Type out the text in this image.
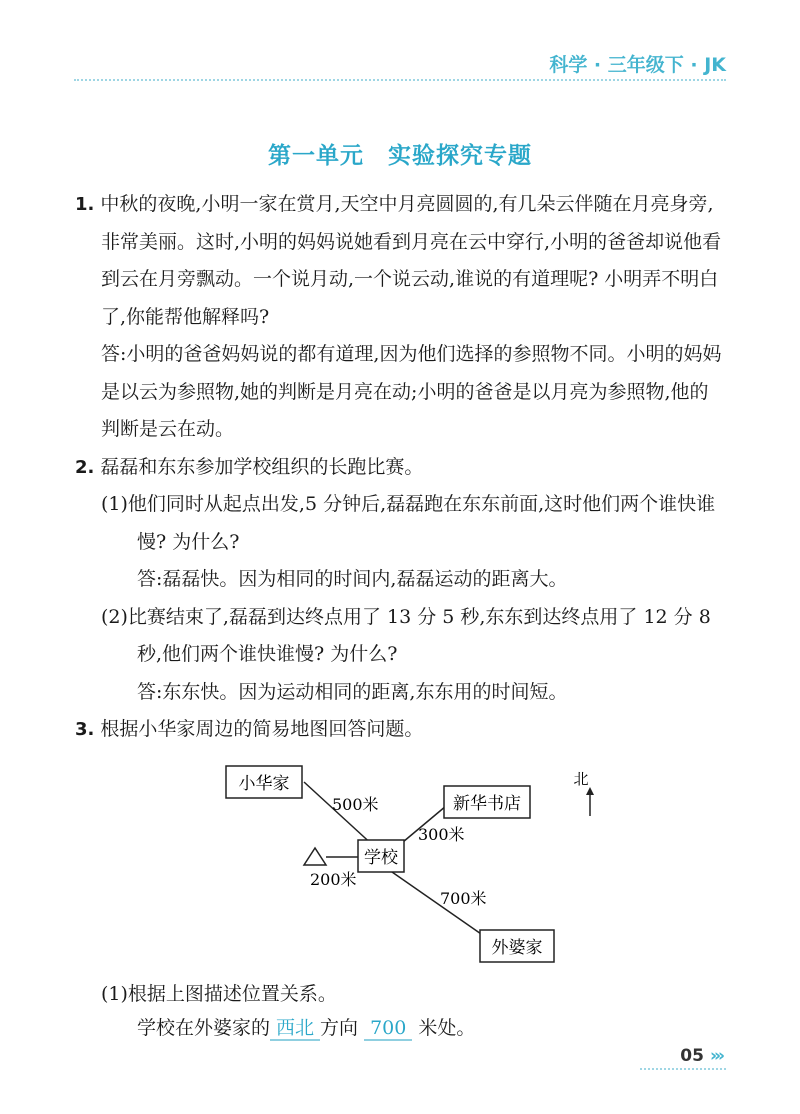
科学 · 三年级下 · JK
第一单元　实验探究专题

1. 中秋的夜晚,小明一家在赏月,天空中月亮圆圆的,有几朵云伴随在月亮身旁,非常美丽。这时,小明的妈妈说她看到月亮在云中穿行,小明的爸爸却说他看到云在月旁飘动。一个说月动,一个说云动,谁说的有道理呢? 小明弄不明白了,你能帮他解释吗?

答:小明的爸爸妈妈说的都有道理,因为他们选择的参照物不同。小明的妈妈是以云为参照物,她的判断是月亮在动;小明的爸爸是以月亮为参照物,他的判断是云在动。

2. 磊磊和东东参加学校组织的长跑比赛。

(1)他们同时从起点出发,5 分钟后,磊磊跑在东东前面,这时他们两个谁快谁慢? 为什么?

答:磊磊快。因为相同的时间内,磊磊运动的距离大。

(2)比赛结束了,磊磊到达终点用了 13 分 5 秒,东东到达终点用了 12 分 8 秒,他们两个谁快谁慢? 为什么?

答:东东快。因为运动相同的距离,东东用的时间短。

3. 根据小华家周边的简易地图回答问题。

小华家
新华书店
学校
外婆家
500米
300米
200米
700米
北

(1)根据上图描述位置关系。

学校在外婆家的 西北 方向 700 米处。
05 ›››
